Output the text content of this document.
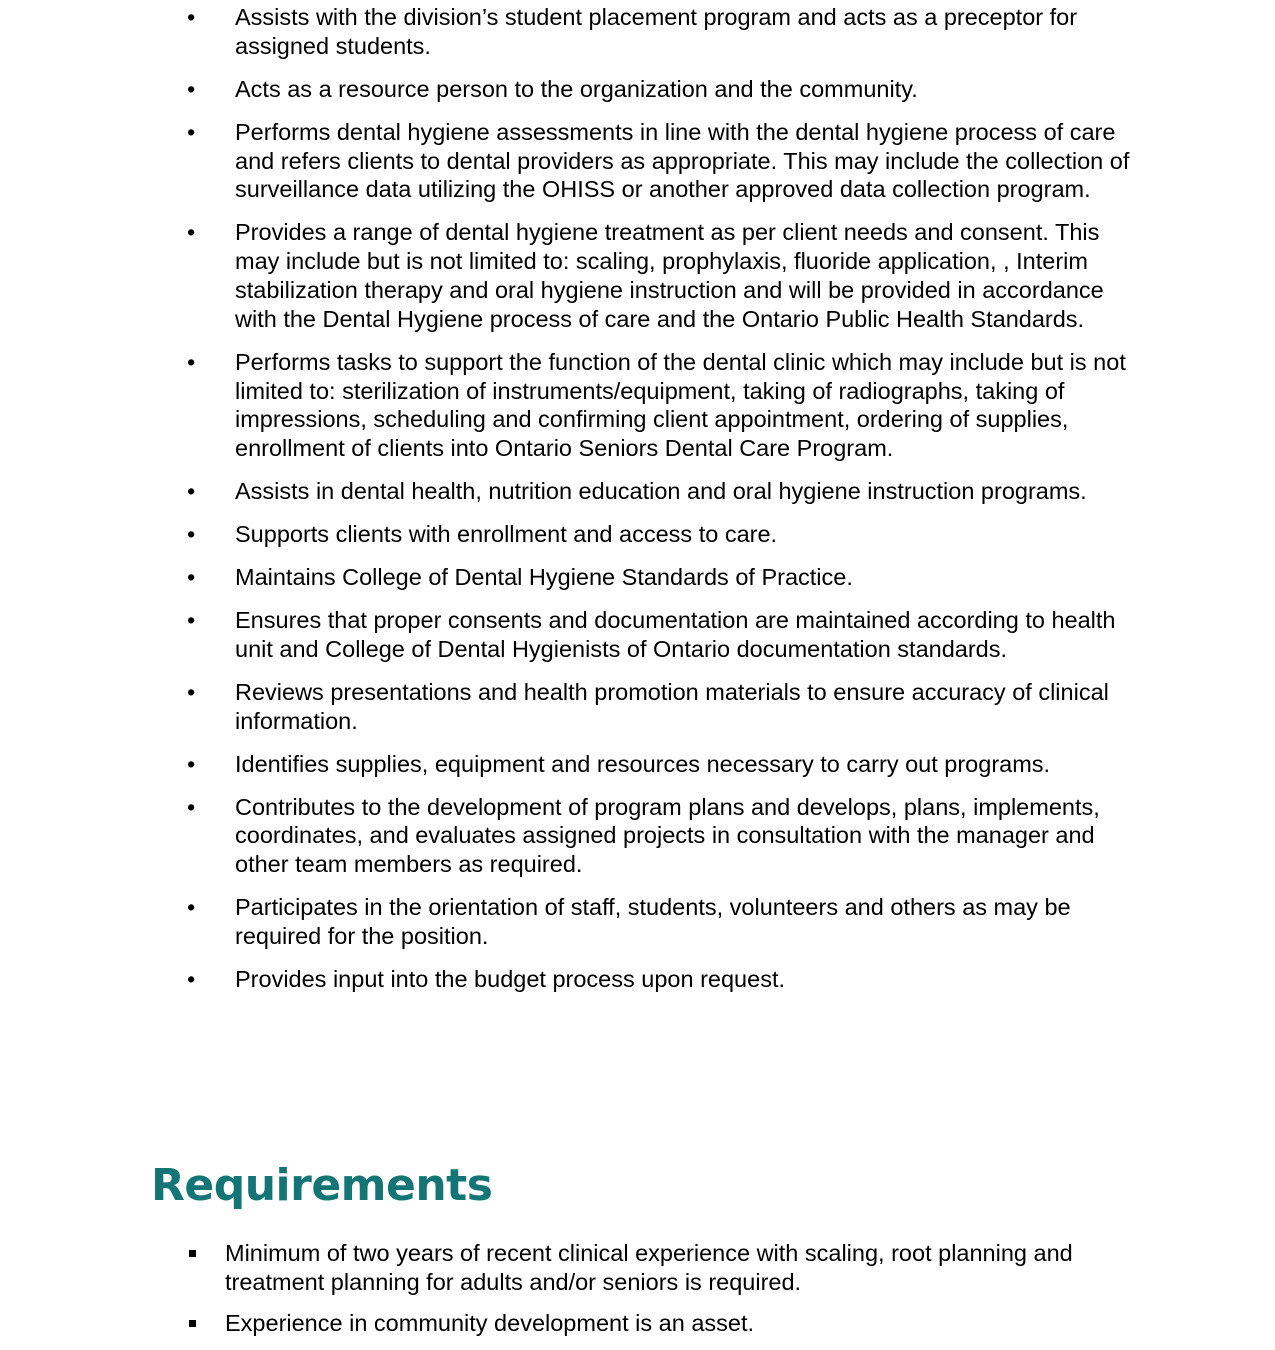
• Assists with the division’s student placement program and acts as a preceptor for assigned students.
• Acts as a resource person to the organization and the community.
• Performs dental hygiene assessments in line with the dental hygiene process of care and refers clients to dental providers as appropriate. This may include the collection of surveillance data utilizing the OHISS or another approved data collection program.
• Provides a range of dental hygiene treatment as per client needs and consent. This may include but is not limited to: scaling, prophylaxis, fluoride application, , Interim stabilization therapy and oral hygiene instruction and will be provided in accordance with the Dental Hygiene process of care and the Ontario Public Health Standards.
• Performs tasks to support the function of the dental clinic which may include but is not limited to: sterilization of instruments/equipment, taking of radiographs, taking of impressions, scheduling and confirming client appointment, ordering of supplies, enrollment of clients into Ontario Seniors Dental Care Program.
• Assists in dental health, nutrition education and oral hygiene instruction programs.
• Supports clients with enrollment and access to care.
• Maintains College of Dental Hygiene Standards of Practice.
• Ensures that proper consents and documentation are maintained according to health unit and College of Dental Hygienists of Ontario documentation standards.
• Reviews presentations and health promotion materials to ensure accuracy of clinical information.
• Identifies supplies, equipment and resources necessary to carry out programs.
• Contributes to the development of program plans and develops, plans, implements, coordinates, and evaluates assigned projects in consultation with the manager and other team members as required.
• Participates in the orientation of staff, students, volunteers and others as may be required for the position.
• Provides input into the budget process upon request.
Requirements
Minimum of two years of recent clinical experience with scaling, root planning and treatment planning for adults and/or seniors is required.
Experience in community development is an asset.
